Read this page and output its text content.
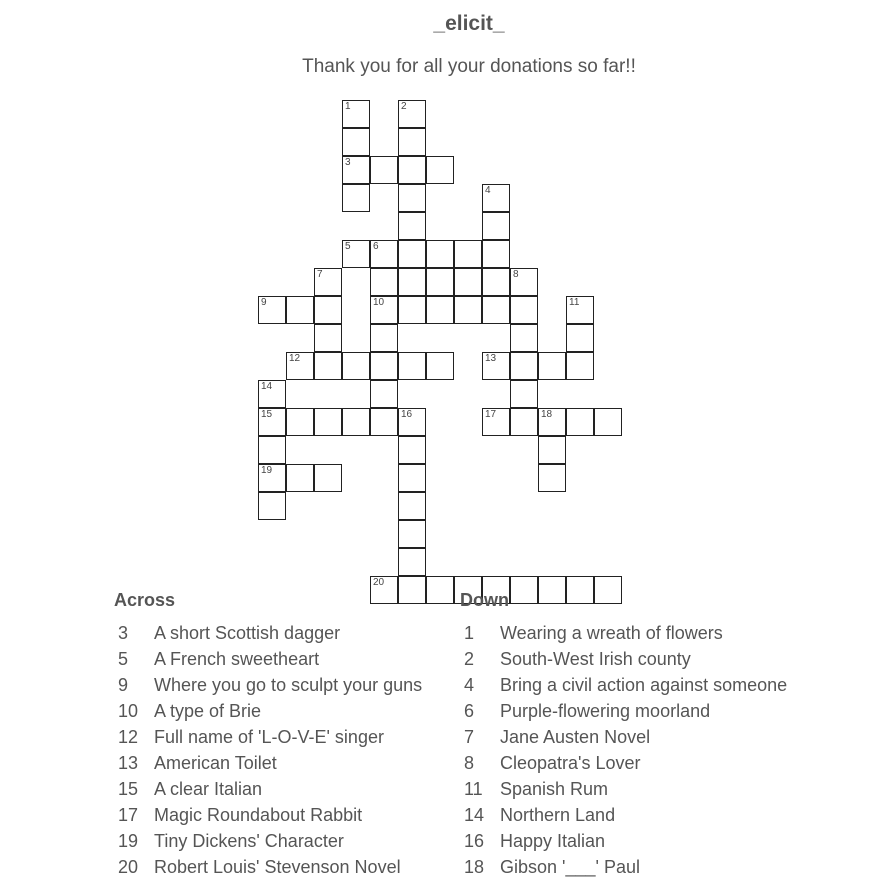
_elicit_
Thank you for all your donations so far!!
1	2
3
4
5 6
7	8
9	10	11
12	13
14
15	16	17	18
19
20
Across	Down
3	A short Scottish dagger
5	A French sweetheart
9	Where you go to sculpt your guns
10 A type of Brie
12 Full name of 'L-O-V-E' singer
13 American Toilet
15 A clear Italian
17 Magic Roundabout Rabbit
19 Tiny Dickens' Character
20 Robert Louis' Stevenson Novel
1	Wearing a wreath of flowers
2	South-West Irish county
4	Bring a civil action against someone
6	Purple-flowering moorland
7	Jane Austen Novel
8	Cleopatra's Lover
11 Spanish Rum
14 Northern Land
16 Happy Italian
18 Gibson '___' Paul
